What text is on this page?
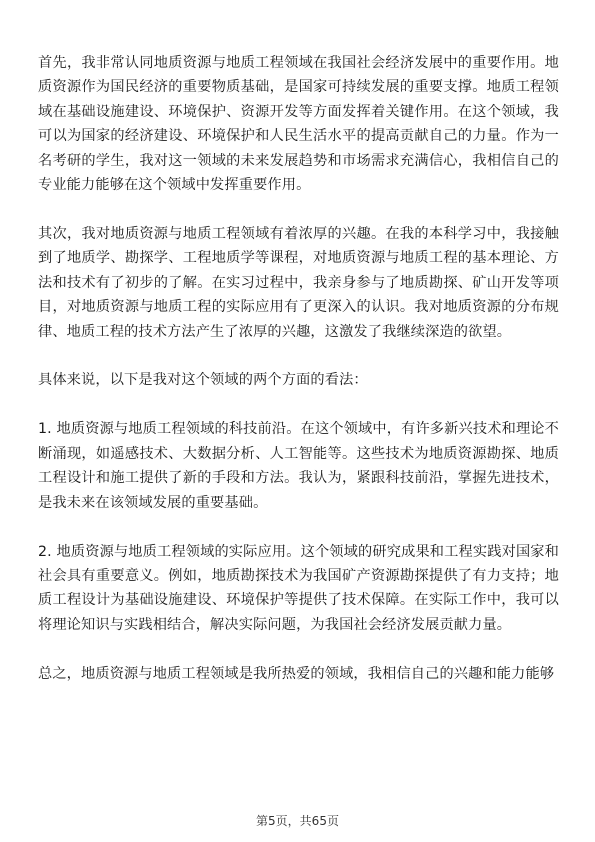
首先，我非常认同地质资源与地质工程领域在我国社会经济发展中的重要作用。地质资源作为国民经济的重要物质基础，是国家可持续发展的重要支撑。地质工程领域在基础设施建设、环境保护、资源开发等方面发挥着关键作用。在这个领域，我可以为国家的经济建设、环境保护和人民生活水平的提高贡献自己的力量。作为一名考研的学生，我对这一领域的未来发展趋势和市场需求充满信心，我相信自己的专业能力能够在这个领域中发挥重要作用。

其次，我对地质资源与地质工程领域有着浓厚的兴趣。在我的本科学习中，我接触到了地质学、勘探学、工程地质学等课程，对地质资源与地质工程的基本理论、方法和技术有了初步的了解。在实习过程中，我亲身参与了地质勘探、矿山开发等项目，对地质资源与地质工程的实际应用有了更深入的认识。我对地质资源的分布规律、地质工程的技术方法产生了浓厚的兴趣，这激发了我继续深造的欲望。

具体来说，以下是我对这个领域的两个方面的看法：

1. 地质资源与地质工程领域的科技前沿。在这个领域中，有许多新兴技术和理论不断涌现，如遥感技术、大数据分析、人工智能等。这些技术为地质资源勘探、地质工程设计和施工提供了新的手段和方法。我认为，紧跟科技前沿，掌握先进技术，是我未来在该领域发展的重要基础。

2. 地质资源与地质工程领域的实际应用。这个领域的研究成果和工程实践对国家和社会具有重要意义。例如，地质勘探技术为我国矿产资源勘探提供了有力支持；地质工程设计为基础设施建设、环境保护等提供了技术保障。在实际工作中，我可以将理论知识与实践相结合，解决实际问题，为我国社会经济发展贡献力量。

总之，地质资源与地质工程领域是我所热爱的领域，我相信自己的兴趣和能力能够

第5页，共65页
